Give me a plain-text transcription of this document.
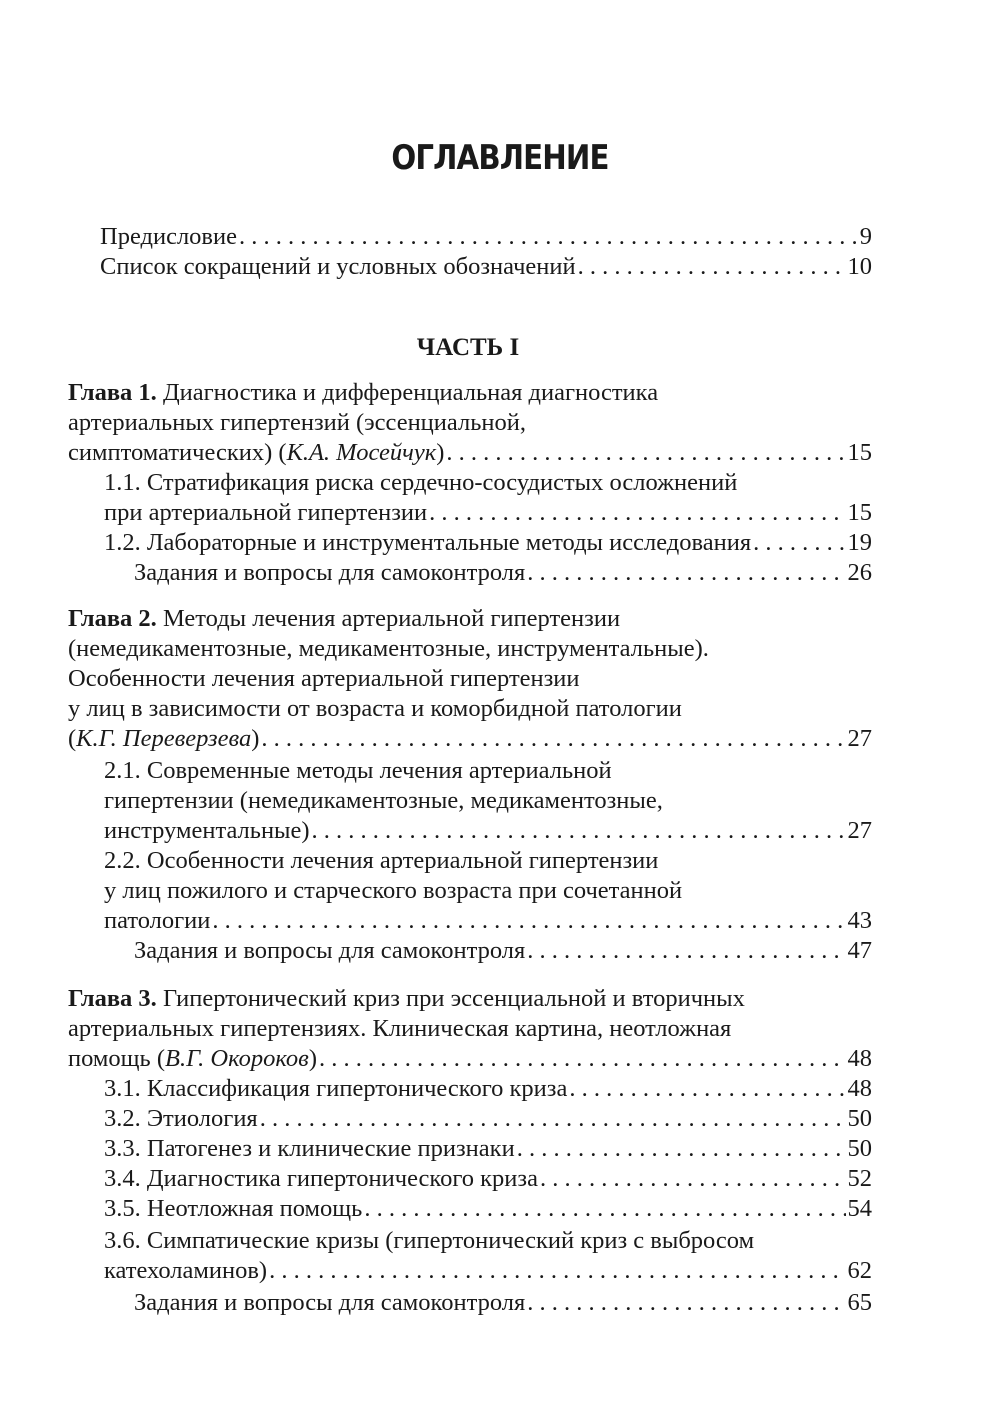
ОГЛАВЛЕНИЕ
Предисловие . . .	9
Список сокращений и условных обозначений . . .	10
ЧАСТЬ I
Глава 1. Диагностика и дифференциальная диагностика
артериальных гипертензий (эссенциальной,
симптоматических) (К.А. Мосейчук) . . .	15
1.1. Стратификация риска сердечно-сосудистых осложнений
при артериальной гипертензии . . .	15
1.2. Лабораторные и инструментальные методы исследования . . .	19
Задания и вопросы для самоконтроля . . .	26
Глава 2. Методы лечения артериальной гипертензии
(немедикаментозные, медикаментозные, инструментальные).
Особенности лечения артериальной гипертензии
у лиц в зависимости от возраста и коморбидной патологии
(К.Г. Переверзева) . . .	27
2.1. Современные методы лечения артериальной
гипертензии (немедикаментозные, медикаментозные,
инструментальные) . . .	27
2.2. Особенности лечения артериальной гипертензии
у лиц пожилого и старческого возраста при сочетанной
патологии . . .	43
Задания и вопросы для самоконтроля . . .	47
Глава 3. Гипертонический криз при эссенциальной и вторичных
артериальных гипертензиях. Клиническая картина, неотложная
помощь (В.Г. Окороков) . . .	48
3.1. Классификация гипертонического криза . . .	48
3.2. Этиология . . .	50
3.3. Патогенез и клинические признаки . . .	50
3.4. Диагностика гипертонического криза . . .	52
3.5. Неотложная помощь . . .	54
3.6. Симпатические кризы (гипертонический криз с выбросом
катехоламинов) . . .	62
Задания и вопросы для самоконтроля . . .	65
